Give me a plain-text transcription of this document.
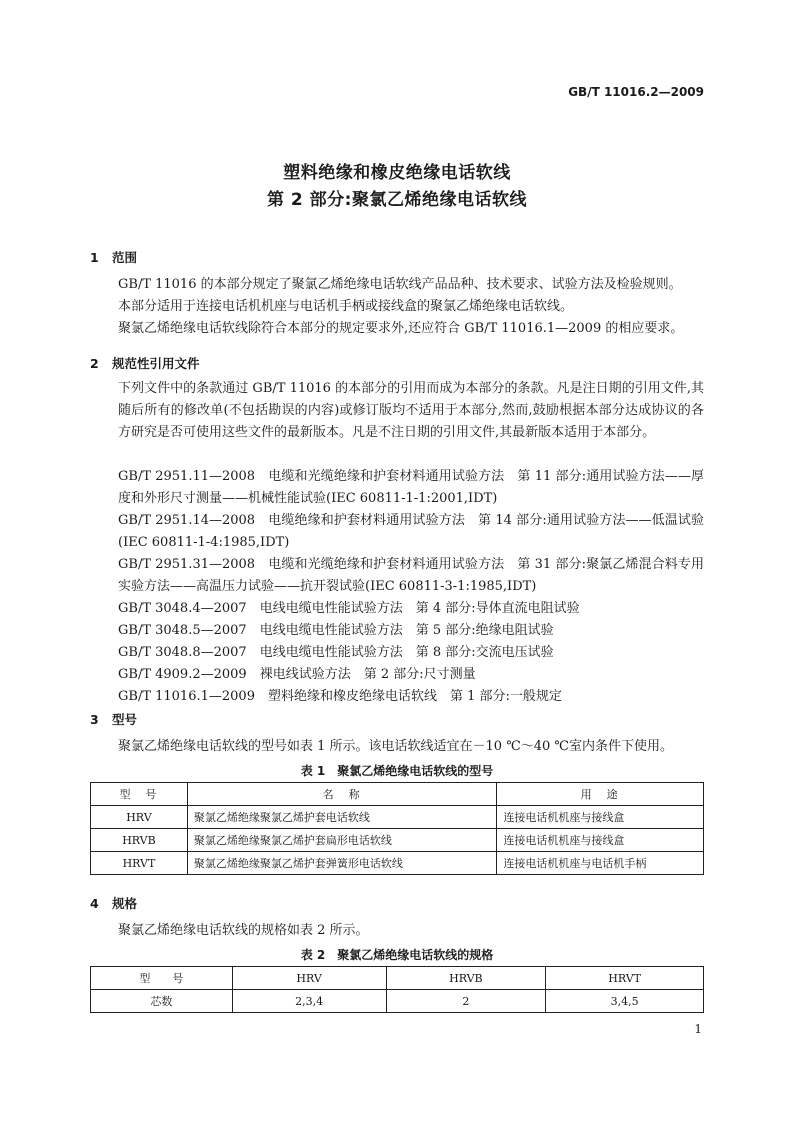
GB/T 11016.2—2009
塑料绝缘和橡皮绝缘电话软线
第 2 部分:聚氯乙烯绝缘电话软线
1 范围
GB/T 11016 的本部分规定了聚氯乙烯绝缘电话软线产品品种、技术要求、试验方法及检验规则。
本部分适用于连接电话机机座与电话机手柄或接线盒的聚氯乙烯绝缘电话软线。
聚氯乙烯绝缘电话软线除符合本部分的规定要求外,还应符合 GB/T 11016.1—2009 的相应要求。
2 规范性引用文件
下列文件中的条款通过 GB/T 11016 的本部分的引用而成为本部分的条款。凡是注日期的引用文件,其随后所有的修改单(不包括勘误的内容)或修订版均不适用于本部分,然而,鼓励根据本部分达成协议的各方研究是否可使用这些文件的最新版本。凡是不注日期的引用文件,其最新版本适用于本部分。
GB/T 2951.11—2008　电缆和光缆绝缘和护套材料通用试验方法　第 11 部分:通用试验方法——厚度和外形尺寸测量——机械性能试验(IEC 60811-1-1:2001,IDT)
GB/T 2951.14—2008　电缆绝缘和护套材料通用试验方法　第 14 部分:通用试验方法——低温试验(IEC 60811-1-4:1985,IDT)
GB/T 2951.31—2008　电缆和光缆绝缘和护套材料通用试验方法　第 31 部分:聚氯乙烯混合料专用实验方法——高温压力试验——抗开裂试验(IEC 60811-3-1:1985,IDT)
GB/T 3048.4—2007　电线电缆电性能试验方法　第 4 部分:导体直流电阻试验
GB/T 3048.5—2007　电线电缆电性能试验方法　第 5 部分:绝缘电阻试验
GB/T 3048.8—2007　电线电缆电性能试验方法　第 8 部分:交流电压试验
GB/T 4909.2—2009　裸电线试验方法　第 2 部分:尺寸测量
GB/T 11016.1—2009　塑料绝缘和橡皮绝缘电话软线　第 1 部分:一般规定
3 型号
聚氯乙烯绝缘电话软线的型号如表 1 所示。该电话软线适宜在－10 ℃～40 ℃室内条件下使用。
表 1　聚氯乙烯绝缘电话软线的型号
型　号	名　称	用　途
HRV	聚氯乙烯绝缘聚氯乙烯护套电话软线	连接电话机机座与接线盒
HRVB	聚氯乙烯绝缘聚氯乙烯护套扁形电话软线	连接电话机机座与接线盒
HRVT	聚氯乙烯绝缘聚氯乙烯护套弹簧形电话软线	连接电话机机座与电话机手柄
4 规格
聚氯乙烯绝缘电话软线的规格如表 2 所示。
表 2　聚氯乙烯绝缘电话软线的规格
型　　号	HRV	HRVB	HRVT
芯数	2,3,4	2	3,4,5
1
